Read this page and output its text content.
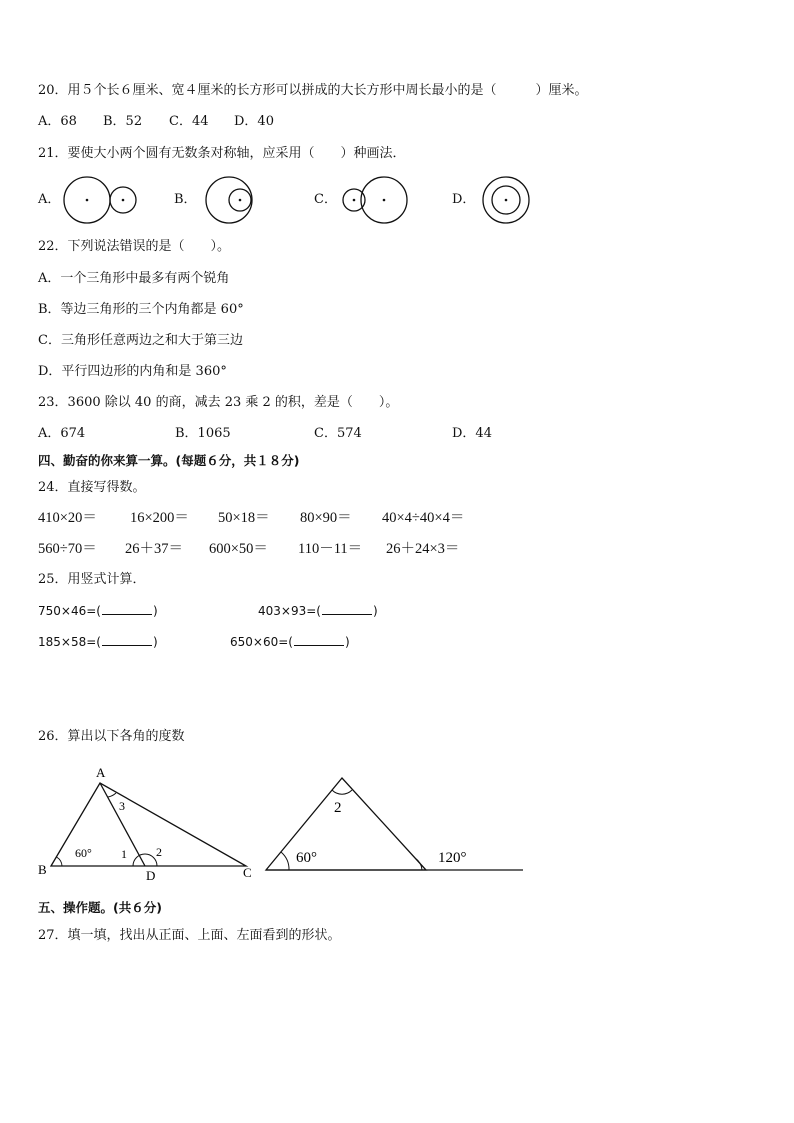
20．用５个长６厘米、宽４厘米的长方形可以拼成的大长方形中周长最小的是（　　　）厘米。
A．68 B．52 C．44 D．40
21．要使大小两个圆有无数条对称轴，应采用（　　）种画法．
A．	B．	C．	D．
22．下列说法错误的是（　　）。
A．一个三角形中最多有两个锐角
B．等边三角形的三个内角都是 60°
C．三角形任意两边之和大于第三边
D．平行四边形的内角和是 360°
23．3600 除以 40 的商，减去 23 乘 2 的积，差是（　　）。
A．674	B．1065	C．574	D．44
四、勤奋的你来算一算。(每题６分，共１８分)
24．直接写得数。
410×20＝ 16×200＝ 50×18＝ 80×90＝ 40×4÷40×4＝
560÷70＝ 26＋37＝ 600×50＝ 110－11＝ 26＋24×3＝
25．用竖式计算．
750×46=(	)	403×93=(	)
185×58=(	)	650×60=(	)
26．算出以下各角的度数
A
B	C
D
3
60° 1 2
2
60°	120°
五、操作题。(共６分)
27．填一填，找出从正面、上面、左面看到的形状。
